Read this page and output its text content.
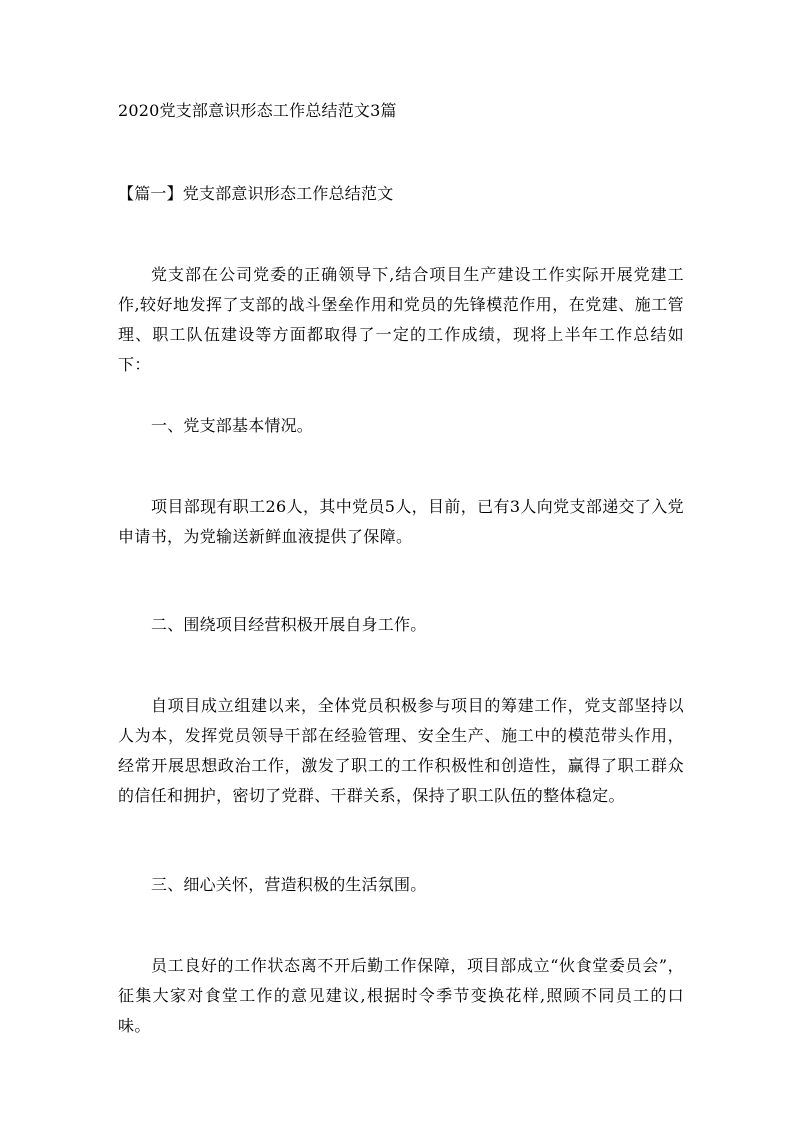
2020党支部意识形态工作总结范文3篇
【篇一】党支部意识形态工作总结范文
党支部在公司党委的正确领导下,结合项目生产建设工作实际开展党建工作,较好地发挥了支部的战斗堡垒作用和党员的先锋模范作用，在党建、施工管理、职工队伍建设等方面都取得了一定的工作成绩，现将上半年工作总结如下：
一、党支部基本情况。
项目部现有职工26人，其中党员5人，目前，已有3人向党支部递交了入党申请书，为党输送新鲜血液提供了保障。
二、围绕项目经营积极开展自身工作。
自项目成立组建以来，全体党员积极参与项目的筹建工作，党支部坚持以人为本，发挥党员领导干部在经验管理、安全生产、施工中的模范带头作用，经常开展思想政治工作，激发了职工的工作积极性和创造性，赢得了职工群众的信任和拥护，密切了党群、干群关系，保持了职工队伍的整体稳定。
三、细心关怀，营造积极的生活氛围。
员工良好的工作状态离不开后勤工作保障，项目部成立“伙食堂委员会”，征集大家对食堂工作的意见建议,根据时令季节变换花样,照顾不同员工的口味。
